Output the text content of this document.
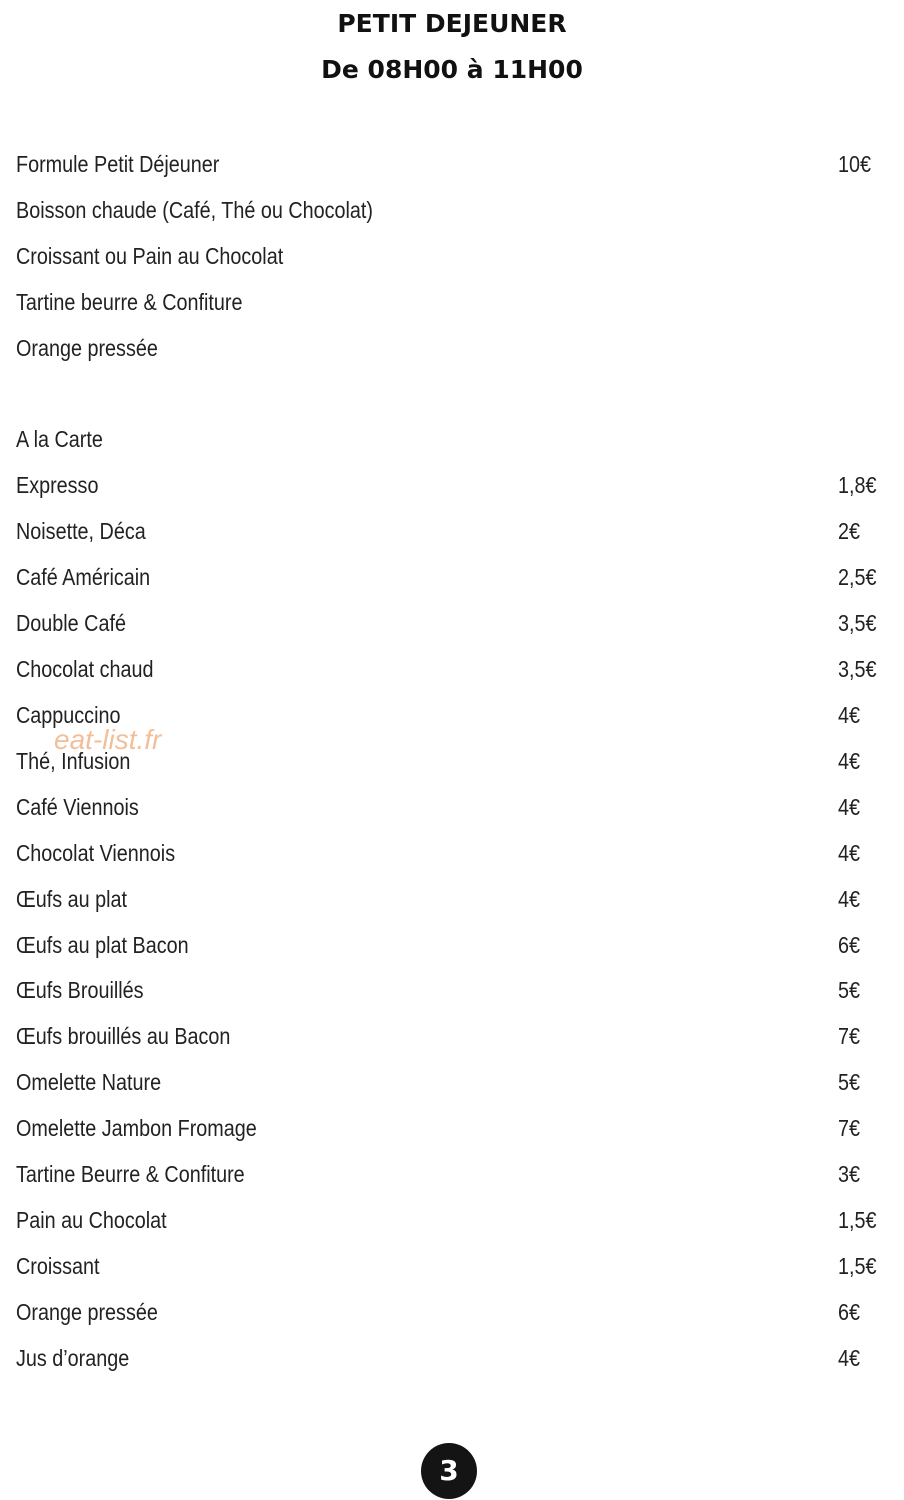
PETIT DEJEUNER
De 08H00 à 11H00
Formule Petit Déjeuner	10€
Boisson chaude (Café, Thé ou Chocolat)
Croissant ou Pain au Chocolat
Tartine beurre & Confiture
Orange pressée
A la Carte
Expresso	1,8€
Noisette, Déca	2€
Café Américain	2,5€
Double Café	3,5€
Chocolat chaud	3,5€
Cappuccino	4€
Thé, Infusion	4€
Café Viennois	4€
Chocolat Viennois	4€
Œufs au plat	4€
Œufs au plat Bacon	6€
Œufs Brouillés	5€
Œufs brouillés au Bacon	7€
Omelette Nature	5€
Omelette Jambon Fromage	7€
Tartine Beurre & Confiture	3€
Pain au Chocolat	1,5€
Croissant	1,5€
Orange pressée	6€
Jus d’orange	4€
eat-list.fr
3
